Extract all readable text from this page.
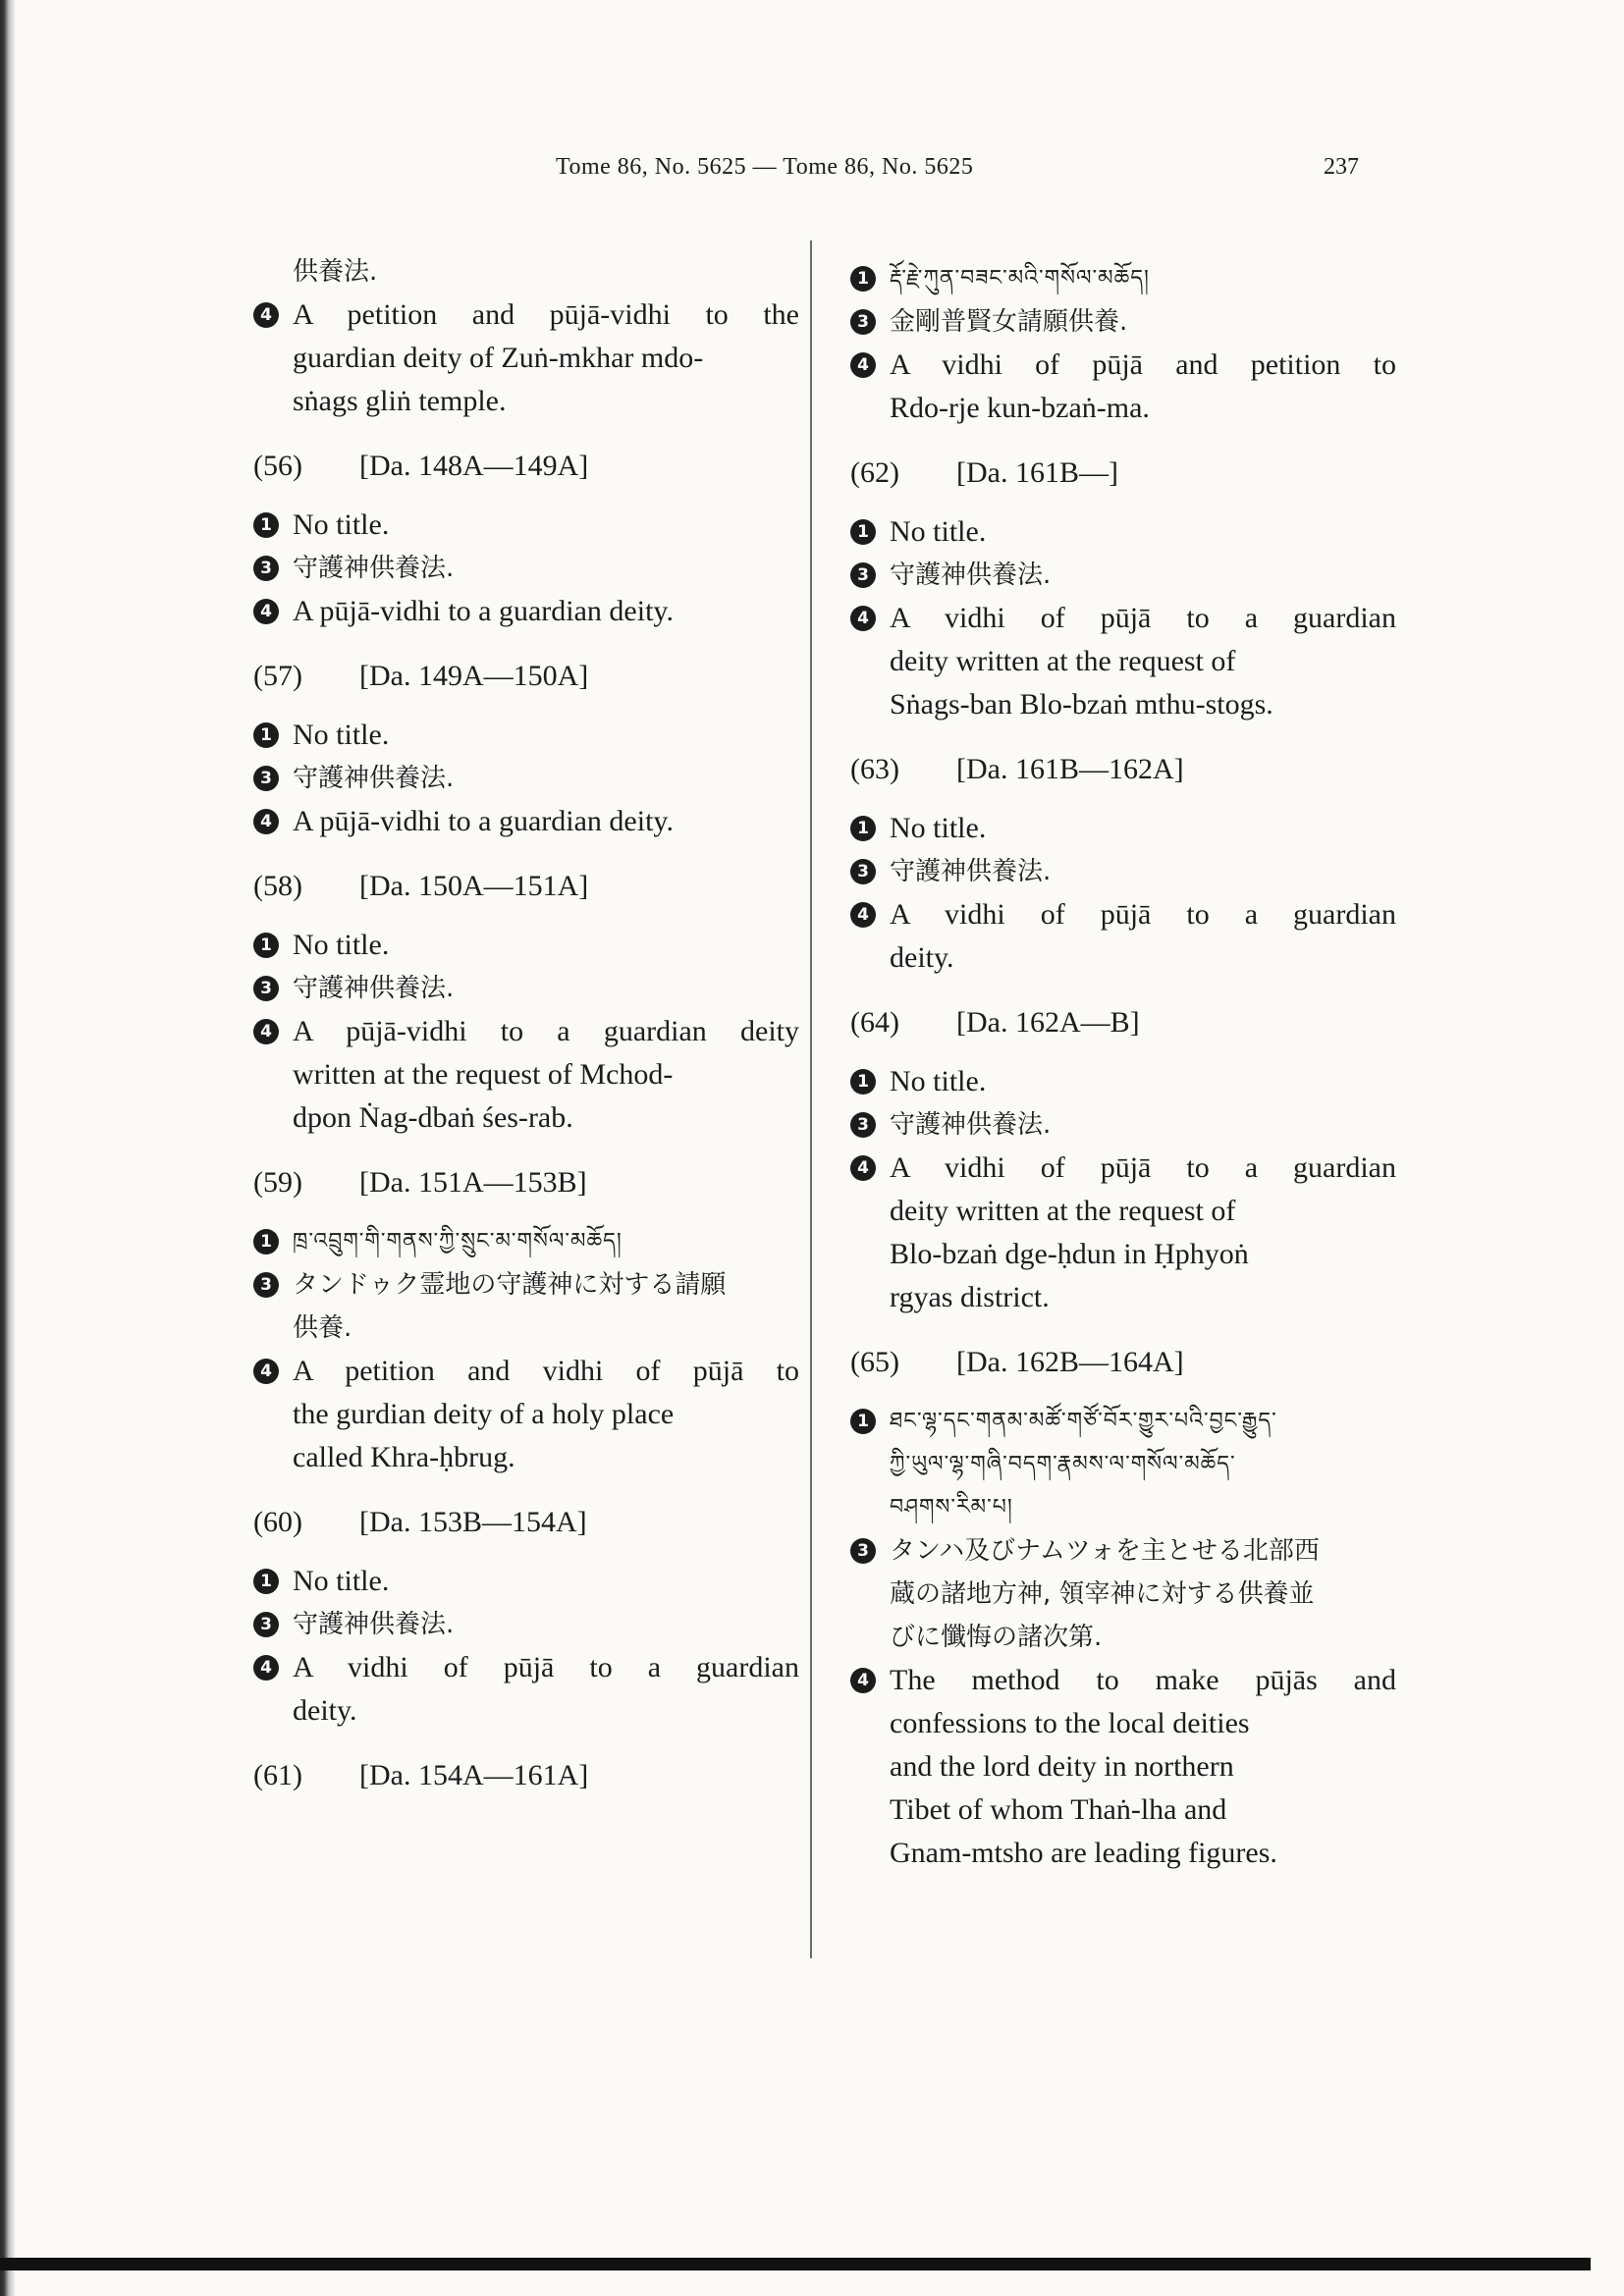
Tome 86, No. 5625 — Tome 86, No. 5625	237
供養法.
4 A petition and pūjā-vidhi to the
guardian deity of Zuṅ-mkhar mdo-
sṅags gliṅ temple.
(56)	[Da. 148A—149A]
1 No title.
3 守護神供養法.
4 A pūjā-vidhi to a guardian deity.
(57)	[Da. 149A—150A]
1 No title.
3 守護神供養法.
4 A pūjā-vidhi to a guardian deity.
(58)	[Da. 150A—151A]
1 No title.
3 守護神供養法.
4 A pūjā-vidhi to a guardian deity
written at the request of Mchod-
dpon Ṅag-dbaṅ śes-rab.
(59)	[Da. 151A—153B]
1 ཁྲ་འབྲུག་གི་གནས་ཀྱི་སྲུང་མ་གསོལ་མཆོད།
3 タンドゥク霊地の守護神に対する請願
供養.
4 A petition and vidhi of pūjā to
the gurdian deity of a holy place
called Khra-ḥbrug.
(60)	[Da. 153B—154A]
1 No title.
3 守護神供養法.
4 A vidhi of pūjā to a guardian
deity.
(61)	[Da. 154A—161A]
1 རྡོ་རྗེ་ཀུན་བཟང་མའི་གསོལ་མཆོད།
3 金剛普賢女請願供養.
4 A vidhi of pūjā and petition to
Rdo-rje kun-bzaṅ-ma.
(62)	[Da. 161B—]
1 No title.
3 守護神供養法.
4 A vidhi of pūjā to a guardian
deity written at the request of
Sṅags-ban Blo-bzaṅ mthu-stogs.
(63)	[Da. 161B—162A]
1 No title.
3 守護神供養法.
4 A vidhi of pūjā to a guardian
deity.
(64)	[Da. 162A—B]
1 No title.
3 守護神供養法.
4 A vidhi of pūjā to a guardian
deity written at the request of
Blo-bzaṅ dge-ḥdun in Ḥphyoṅ
rgyas district.
(65)	[Da. 162B—164A]
1 ཐང་ལྷ་དང་གནམ་མཚོ་གཙོ་བོར་གྱུར་པའི་བྱང་རྒྱུད་
ཀྱི་ཡུལ་ལྷ་གཞི་བདག་རྣམས་ལ་གསོལ་མཆོད་
བཤགས་རིམ་པ།
3 タンハ及びナムツォを主とせる北部西
蔵の諸地方神, 領宰神に対する供養並
びに懺悔の諸次第.
4 The method to make pūjās and
confessions to the local deities
and the lord deity in northern
Tibet of whom Thaṅ-lha and
Gnam-mtsho are leading figures.
